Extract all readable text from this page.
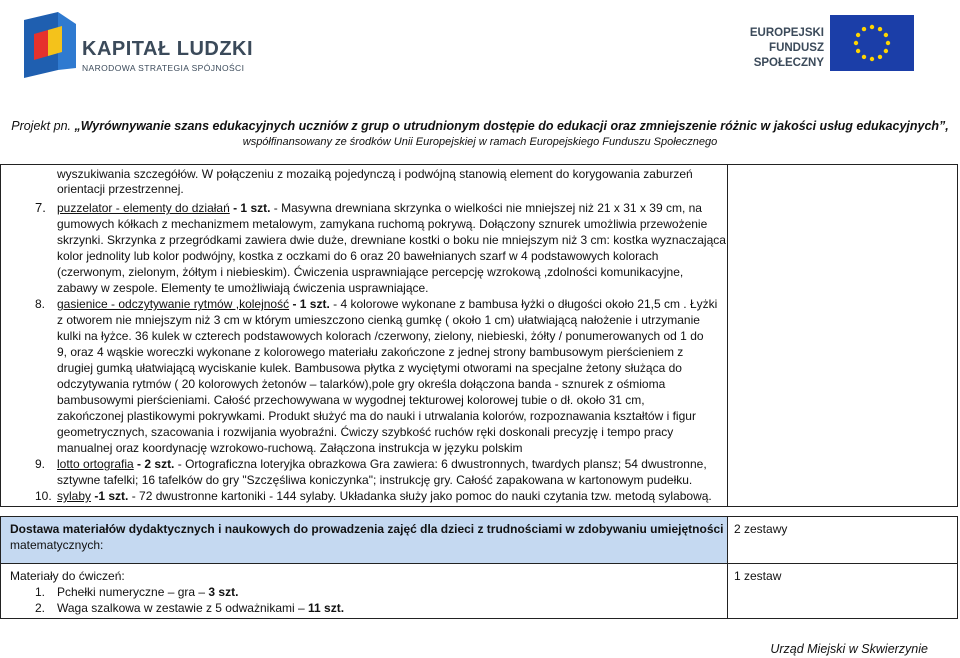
KAPITAŁ LUDZKI
NARODOWA STRATEGIA SPÓJNOŚCI
EUROPEJSKI
FUNDUSZ SPOŁECZNY
Projekt pn. „Wyrównywanie szans edukacyjnych uczniów z grup o utrudnionym dostępie do edukacji oraz zmniejszenie różnic w jakości usług edukacyjnych”,
współfinansowany ze środków Unii Europejskiej w ramach Europejskiego Funduszu Społecznego
wyszukiwania szczegółów. W połączeniu z mozaiką pojedynczą i podwójną stanowią element do korygowania zaburzeń
orientacji przestrzennej.
7. puzzelator - elementy do działań - 1 szt. - Masywna drewniana skrzynka o wielkości nie mniejszej niż 21 x 31 x 39 cm, na
gumowych kółkach z mechanizmem metalowym, zamykana ruchomą pokrywą. Dołączony sznurek umożliwia przewożenie
skrzynki. Skrzynka z przegródkami zawiera dwie duże, drewniane kostki o boku nie mniejszym niż 3 cm: kostka wyznaczająca
kolor jednolity lub kolor podwójny, kostka z oczkami do 6 oraz 20 bawełnianych szarf w 4 podstawowych kolorach
(czerwonym, zielonym, żółtym i niebieskim). Ćwiczenia usprawniające percepcję wzrokową ,zdolności komunikacyjne,
zabawy w zespole. Elementy te umożliwiają ćwiczenia usprawniające.
8. gasienice - odczytywanie rytmów ,kolejność - 1 szt. - 4 kolorowe wykonane z bambusa łyżki o długości około 21,5 cm . Łyżki
z otworem nie mniejszym niż 3 cm w którym umieszczono cienką gumkę ( około 1 cm) ułatwiającą nałożenie i utrzymanie
kulki na łyżce. 36 kulek w czterech podstawowych kolorach /czerwony, zielony, niebieski, żółty / ponumerowanych od 1 do
9, oraz 4 wąskie woreczki wykonane z kolorowego materiału zakończone z jednej strony bambusowym pierścieniem z
drugiej gumką ułatwiającą wyciskanie kulek. Bambusowa płytka z wyciętymi otworami na specjalne żetony służąca do
odczytywania rytmów ( 20 kolorowych żetonów – talarków),pole gry określa dołączona banda - sznurek z ośmioma
bambusowymi pierścieniami. Całość przechowywana w wygodnej tekturowej kolorowej tubie o dł. około 31 cm,
zakończonej plastikowymi pokrywkami. Produkt służyć ma do nauki i utrwalania kolorów, rozpoznawania kształtów i figur
geometrycznych, szacowania i rozwijania wyobraźni. Ćwiczy szybkość ruchów ręki doskonali precyzję i tempo pracy
manualnej oraz koordynację wzrokowo-ruchową. Załączona instrukcja w języku polskim
9. lotto ortografia - 2 szt. - Ortograficzna loteryjka obrazkowa Gra zawiera: 6 dwustronnych, twardych plansz; 54 dwustronne,
sztywne tafelki; 16 tafelków do gry "Szczęśliwa koniczynka"; instrukcję gry. Całość zapakowana w kartonowym pudełku.
10. sylaby -1 szt. - 72 dwustronne kartoniki - 144 sylaby. Układanka służy jako pomoc do nauki czytania tzw. metodą sylabową.
Dostawa materiałów dydaktycznych i naukowych do prowadzenia zajęć dla dzieci z trudnościami w zdobywaniu umiejętności
matematycznych:
2 zestawy
Materiały do ćwiczeń:
1. Pchełki numeryczne – gra – 3 szt.
2. Waga szalkowa w zestawie z 5 odważnikami – 11 szt.
1 zestaw
Urząd Miejski w Skwierzynie
